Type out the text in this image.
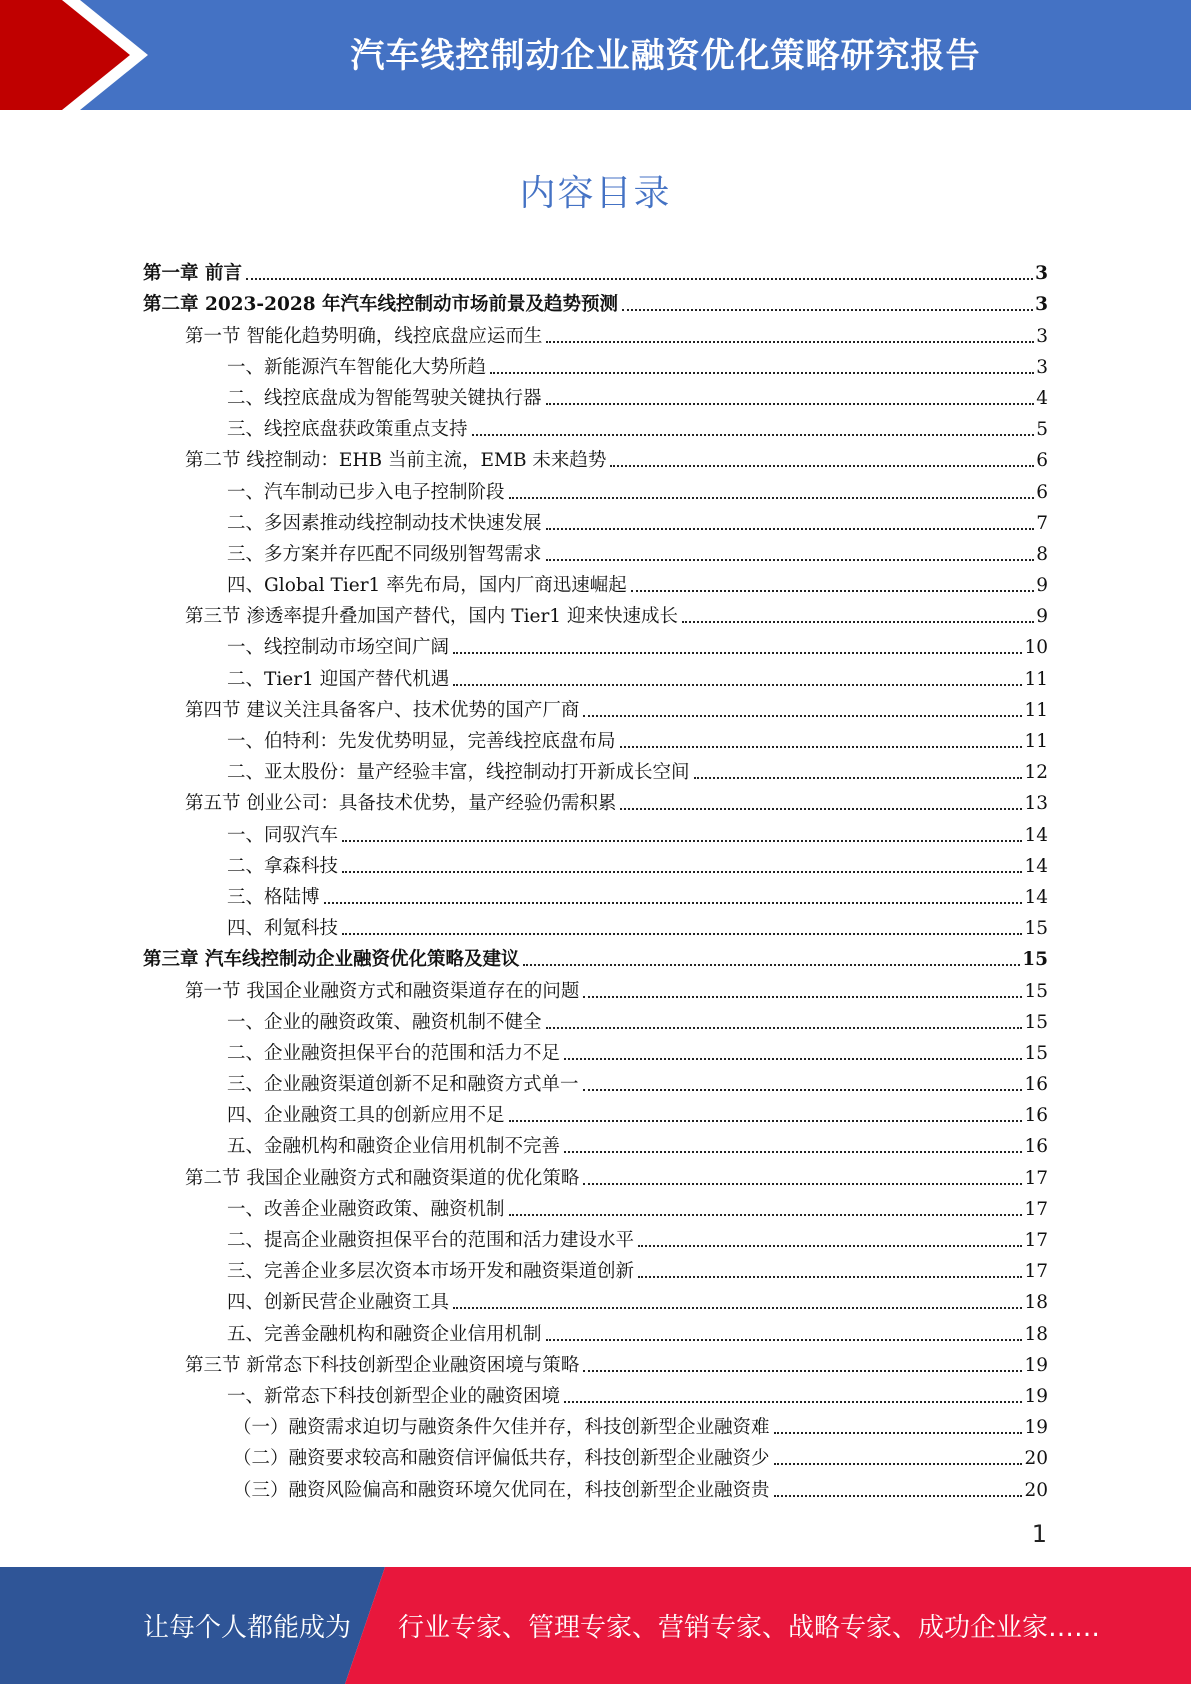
汽车线控制动企业融资优化策略研究报告
内容目录
第一章 前言	3
第二章 2023-2028 年汽车线控制动市场前景及趋势预测	3
第一节 智能化趋势明确，线控底盘应运而生	3
一、新能源汽车智能化大势所趋	3
二、线控底盘成为智能驾驶关键执行器	4
三、线控底盘获政策重点支持	5
第二节 线控制动：EHB 当前主流，EMB 未来趋势	6
一、汽车制动已步入电子控制阶段	6
二、多因素推动线控制动技术快速发展	7
三、多方案并存匹配不同级别智驾需求	8
四、Global Tier1 率先布局，国内厂商迅速崛起	9
第三节 渗透率提升叠加国产替代，国内 Tier1 迎来快速成长	9
一、线控制动市场空间广阔	10
二、Tier1 迎国产替代机遇	11
第四节 建议关注具备客户、技术优势的国产厂商	11
一、伯特利：先发优势明显，完善线控底盘布局	11
二、亚太股份：量产经验丰富，线控制动打开新成长空间	12
第五节 创业公司：具备技术优势，量产经验仍需积累	13
一、同驭汽车	14
二、拿森科技	14
三、格陆博	14
四、利氪科技	15
第三章 汽车线控制动企业融资优化策略及建议	15
第一节 我国企业融资方式和融资渠道存在的问题	15
一、企业的融资政策、融资机制不健全	15
二、企业融资担保平台的范围和活力不足	15
三、企业融资渠道创新不足和融资方式单一	16
四、企业融资工具的创新应用不足	16
五、金融机构和融资企业信用机制不完善	16
第二节 我国企业融资方式和融资渠道的优化策略	17
一、改善企业融资政策、融资机制	17
二、提高企业融资担保平台的范围和活力建设水平	17
三、完善企业多层次资本市场开发和融资渠道创新	17
四、创新民营企业融资工具	18
五、完善金融机构和融资企业信用机制	18
第三节 新常态下科技创新型企业融资困境与策略	19
一、新常态下科技创新型企业的融资困境	19
（一）融资需求迫切与融资条件欠佳并存，科技创新型企业融资难	19
（二）融资要求较高和融资信评偏低共存，科技创新型企业融资少	20
（三）融资风险偏高和融资环境欠优同在，科技创新型企业融资贵	20
1
让每个人都能成为 行业专家、管理专家、营销专家、战略专家、成功企业家……
